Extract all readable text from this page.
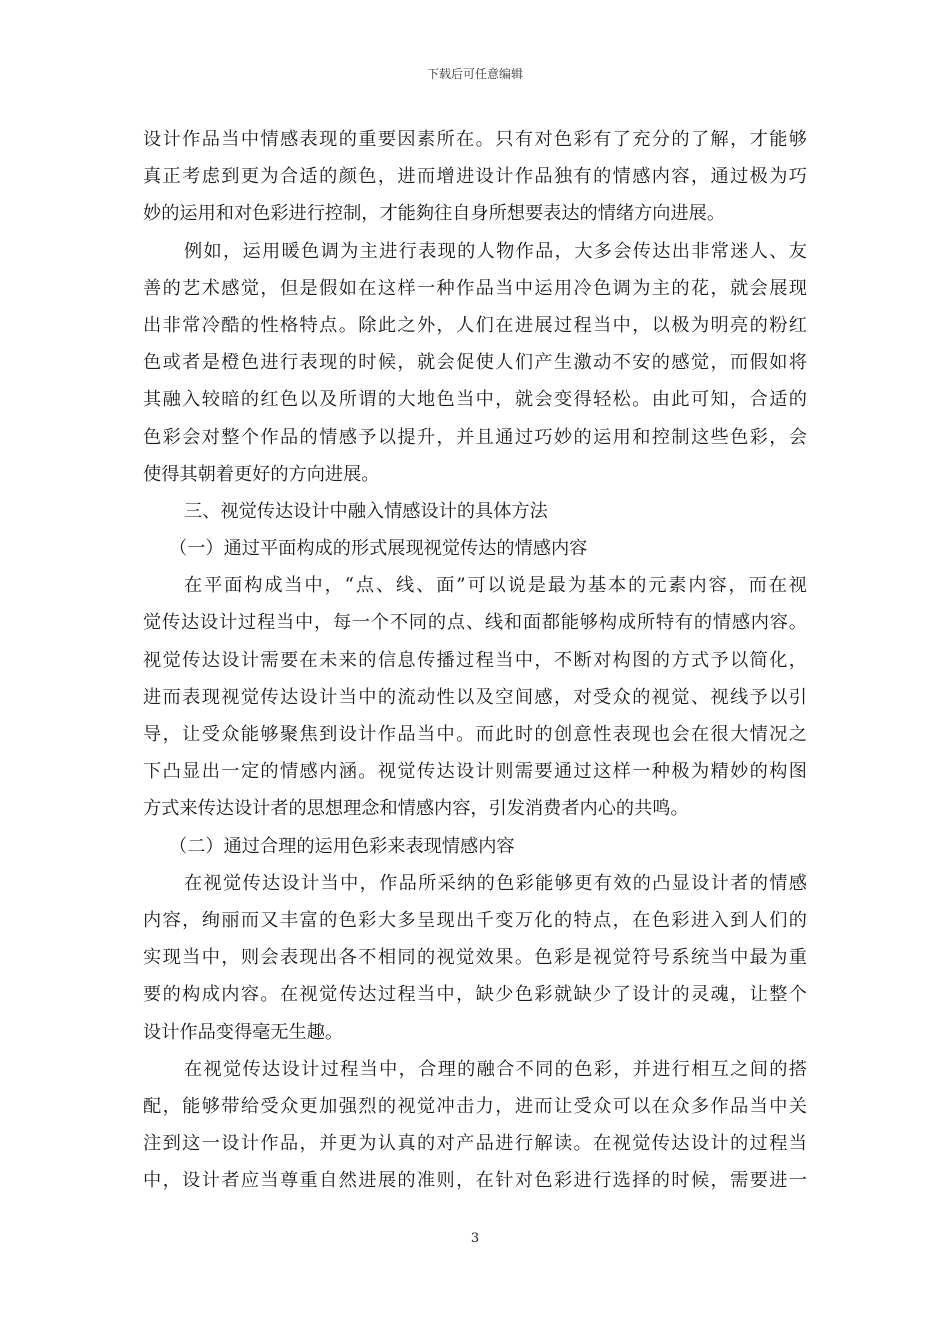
下载后可任意编辑
设计作品当中情感表现的重要因素所在。只有对色彩有了充分的了解，才能够
真正考虑到更为合适的颜色，进而增进设计作品独有的情感内容，通过极为巧
妙的运用和对色彩进行控制，才能夠往自身所想要表达的情绪方向进展。
例如，运用暖色调为主进行表现的人物作品，大多会传达出非常迷人、友
善的艺术感觉，但是假如在这样一种作品当中运用冷色调为主的花，就会展现
出非常冷酷的性格特点。除此之外，人们在进展过程当中，以极为明亮的粉红
色或者是橙色进行表现的时候，就会促使人们产生激动不安的感觉，而假如将
其融入较暗的红色以及所谓的大地色当中，就会变得轻松。由此可知，合适的
色彩会对整个作品的情感予以提升，并且通过巧妙的运用和控制这些色彩，会
使得其朝着更好的方向进展。
三、视觉传达设计中融入情感设计的具体方法
（一）通过平面构成的形式展现视觉传达的情感内容
在平面构成当中，“点、线、面”可以说是最为基本的元素内容，而在视
觉传达设计过程当中，每一个不同的点、线和面都能够构成所特有的情感内容。
视觉传达设计需要在未来的信息传播过程当中，不断对构图的方式予以简化，
进而表现视觉传达设计当中的流动性以及空间感，对受众的视觉、视线予以引
导，让受众能够聚焦到设计作品当中。而此时的创意性表现也会在很大情况之
下凸显出一定的情感内涵。视觉传达设计则需要通过这样一种极为精妙的构图
方式来传达设计者的思想理念和情感内容，引发消费者内心的共鸣。
（二）通过合理的运用色彩来表现情感内容
在视觉传达设计当中，作品所采纳的色彩能够更有效的凸显设计者的情感
内容，绚丽而又丰富的色彩大多呈现出千变万化的特点，在色彩进入到人们的
实现当中，则会表现出各不相同的视觉效果。色彩是视觉符号系统当中最为重
要的构成内容。在视觉传达过程当中，缺少色彩就缺少了设计的灵魂，让整个
设计作品变得毫无生趣。
在视觉传达设计过程当中，合理的融合不同的色彩，并进行相互之间的搭
配，能够带给受众更加强烈的视觉冲击力，进而让受众可以在众多作品当中关
注到这一设计作品，并更为认真的对产品进行解读。在视觉传达设计的过程当
中，设计者应当尊重自然进展的准则，在针对色彩进行选择的时候，需要进一
3
